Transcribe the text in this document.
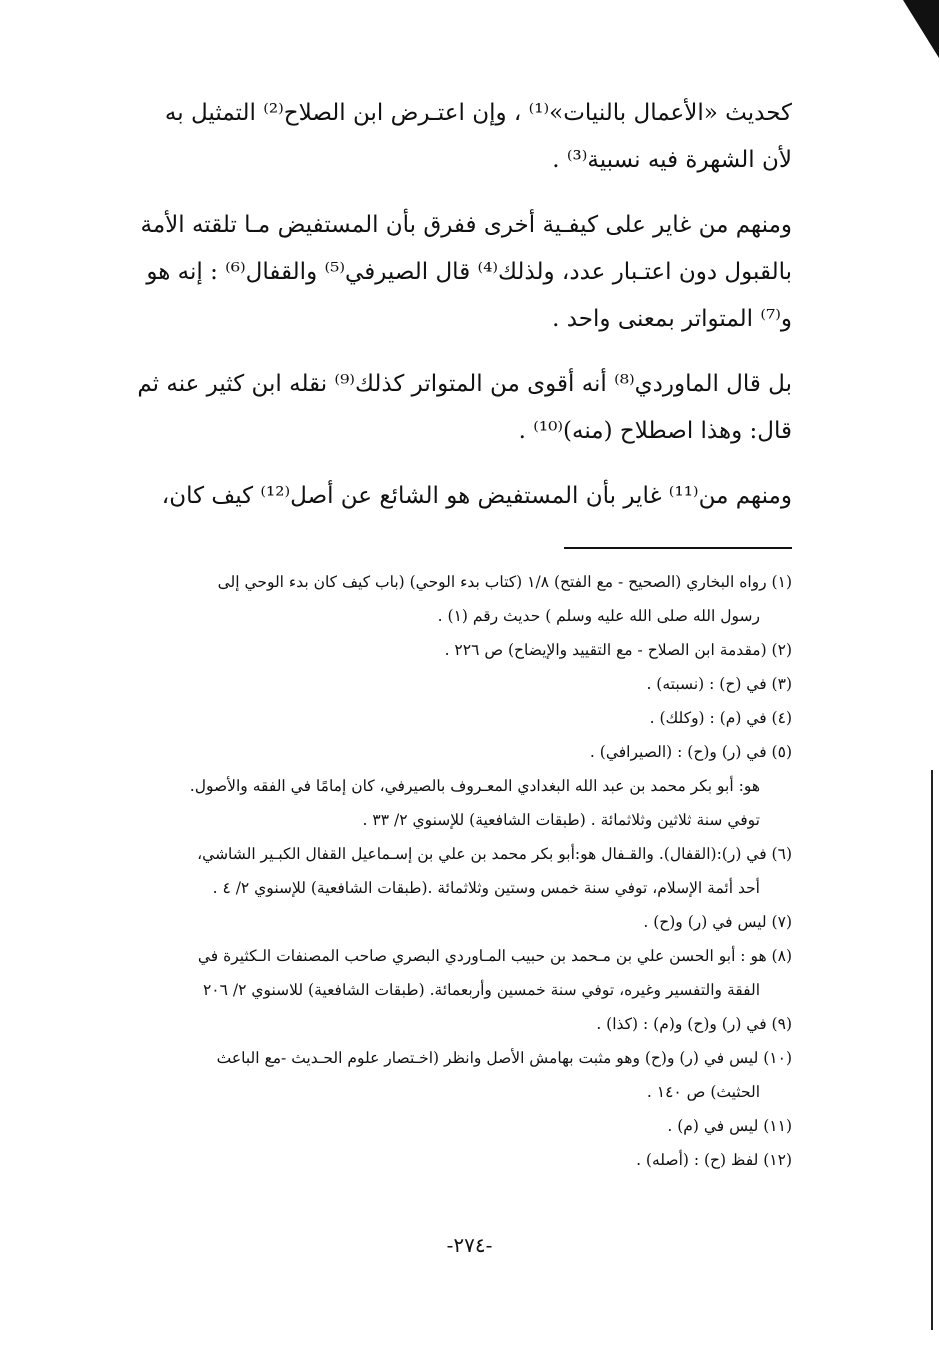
كحديث «الأعمال بالنيات»⁽¹⁾ ، وإن اعتـرض ابن الصلاح⁽²⁾ التمثيل به
لأن الشهرة فيه نسبية⁽³⁾ .
ومنهم من غاير على كيفـية أخرى ففرق بأن المستفيض مـا تلقته الأمة
بالقبول دون اعتـبار عدد، ولذلك⁽⁴⁾ قال الصيرفي⁽⁵⁾ والقفال⁽⁶⁾ : إنه هو
و⁽⁷⁾ المتواتر بمعنى واحد .
بل قال الماوردي⁽⁸⁾ أنه أقوى من المتواتر كذلك⁽⁹⁾ نقله ابن كثير عنه ثم
قال: وهذا اصطلاح (منه)⁽¹⁰⁾ .
ومنهم من⁽¹¹⁾ غاير بأن المستفيض هو الشائع عن أصل⁽¹²⁾ كيف كان،
(١) رواه البخاري (الصحيح - مع الفتح) ١/٨ (كتاب بدء الوحي) (باب كيف كان بدء الوحي إلى
رسول الله صلى الله عليه وسلم ) حديث رقم (١) .
(٢) (مقدمة ابن الصلاح - مع التقييد والإيضاح) ص ٢٢٦ .
(٣) في (ح) : (نسبته) .
(٤) في (م) : (وكلك) .
(٥) في (ر) و(ح) : (الصيرافي) .
هو: أبو بكر محمد بن عبد الله البغدادي المعـروف بالصيرفي، كان إمامًا في الفقه والأصول.
توفي سنة ثلاثين وثلاثمائة . (طبقات الشافعية) للإسنوي ٢/ ٣٣ .
(٦) في (ر):(القفال). والقـفال هو:أبو بكر محمد بن علي بن إسـماعيل القفال الكبـير الشاشي،
أحد أئمة الإسلام، توفي سنة خمس وستين وثلاثمائة .(طبقات الشافعية) للإسنوي ٢/ ٤ .
(٧) ليس في (ر) و(ح) .
(٨) هو : أبو الحسن علي بن مـحمد بن حبيب المـاوردي البصري صاحب المصنفات الـكثيرة في
الفقة والتفسير وغيره، توفي سنة خمسين وأربعمائة. (طبقات الشافعية) للاسنوي ٢/ ٢٠٦
(٩) في (ر) و(ح) و(م) : (كذا) .
(١٠) ليس في (ر) و(ح) وهو مثبت بهامش الأصل وانظر (اخـتصار علوم الحـديث -مع الباعث
الحثيث) ص ١٤٠ .
(١١) ليس في (م) .
(١٢) لفظ (ح) : (أصله) .
-٢٧٤-
